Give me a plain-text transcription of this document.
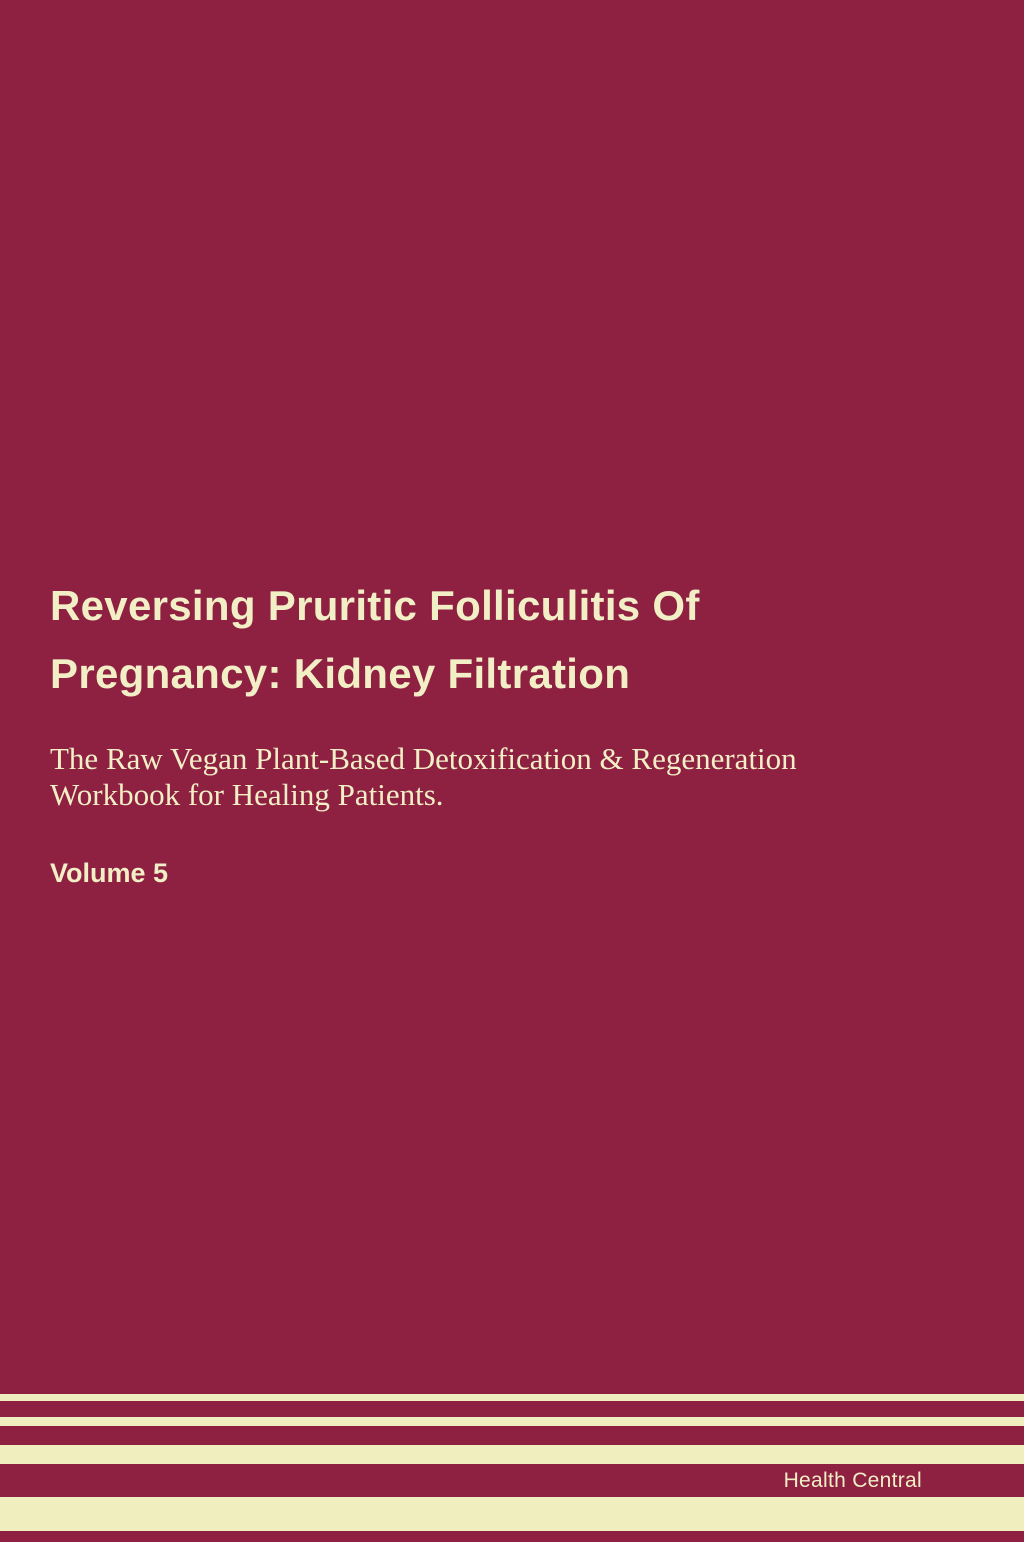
Reversing Pruritic Folliculitis Of
Pregnancy: Kidney Filtration

The Raw Vegan Plant-Based Detoxification & Regeneration
Workbook for Healing Patients.

Volume 5

Health Central
